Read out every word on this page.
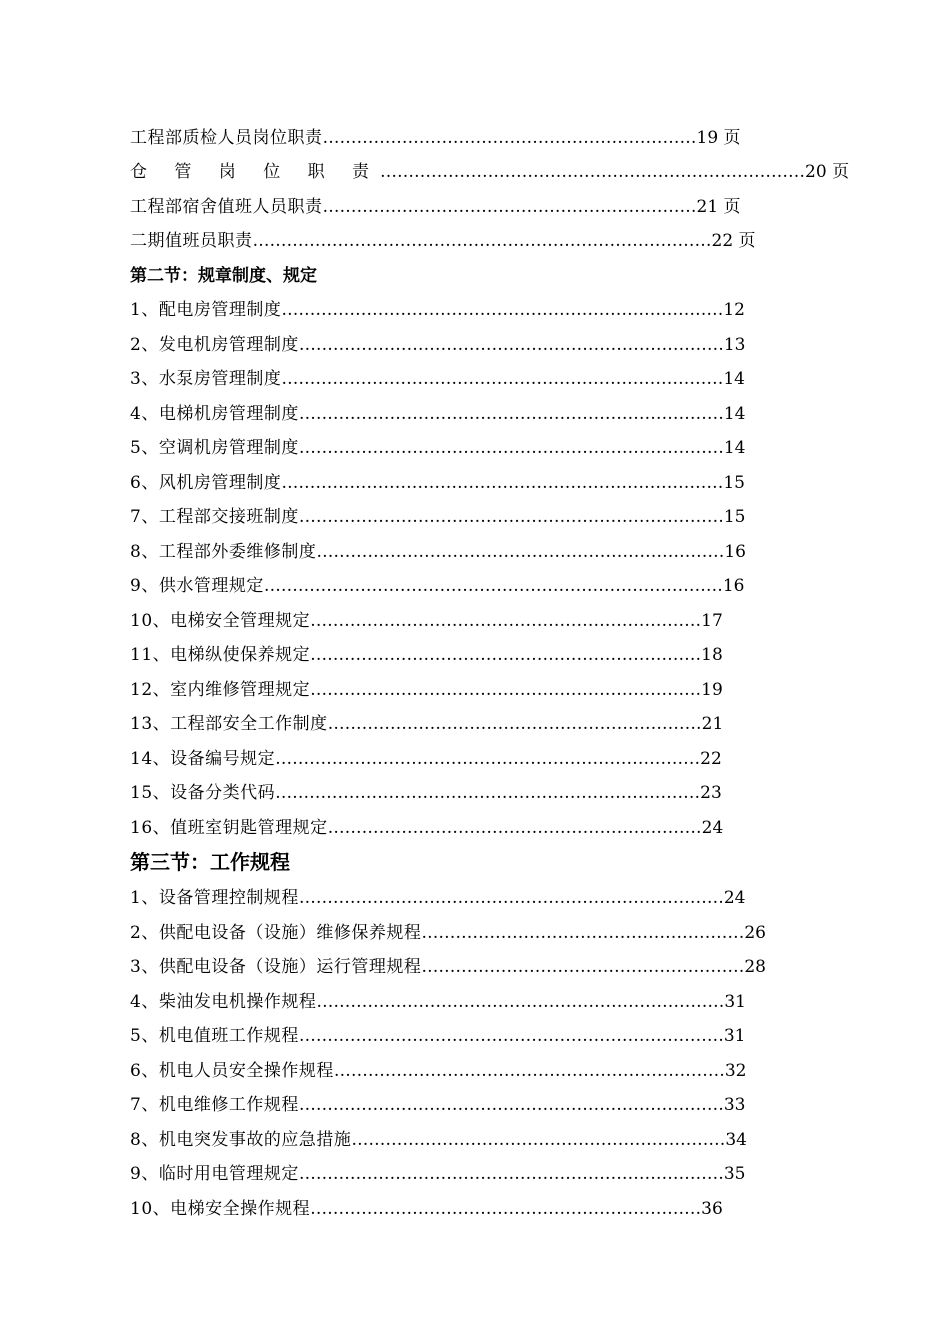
工程部质检人员岗位职责…………………………………………………………19 页
仓 管 岗 位 职 责…………………………………………………………………20 页
工程部宿舍值班人员职责…………………………………………………………21 页
二期值班员职责………………………………………………………………………22 页
第二节：规章制度、规定
1、配电房管理制度……………………………………………………………………12
2、发电机房管理制度…………………………………………………………………13
3、水泵房管理制度……………………………………………………………………14
4、电梯机房管理制度…………………………………………………………………14
5、空调机房管理制度…………………………………………………………………14
6、风机房管理制度……………………………………………………………………15
7、工程部交接班制度…………………………………………………………………15
8、工程部外委维修制度………………………………………………………………16
9、供水管理规定………………………………………………………………………16
10、电梯安全管理规定……………………………………………………………17
11、电梯纵使保养规定……………………………………………………………18
12、室内维修管理规定……………………………………………………………19
13、工程部安全工作制度…………………………………………………………21
14、设备编号规定…………………………………………………………………22
15、设备分类代码…………………………………………………………………23
16、值班室钥匙管理规定…………………………………………………………24
第三节：工作规程
1、设备管理控制规程…………………………………………………………………24
2、供配电设备（设施）维修保养规程…………………………………………………26
3、供配电设备（设施）运行管理规程…………………………………………………28
4、柴油发电机操作规程………………………………………………………………31
5、机电值班工作规程…………………………………………………………………31
6、机电人员安全操作规程……………………………………………………………32
7、机电维修工作规程…………………………………………………………………33
8、机电突发事故的应急措施…………………………………………………………34
9、临时用电管理规定…………………………………………………………………35
10、电梯安全操作规程……………………………………………………………36
